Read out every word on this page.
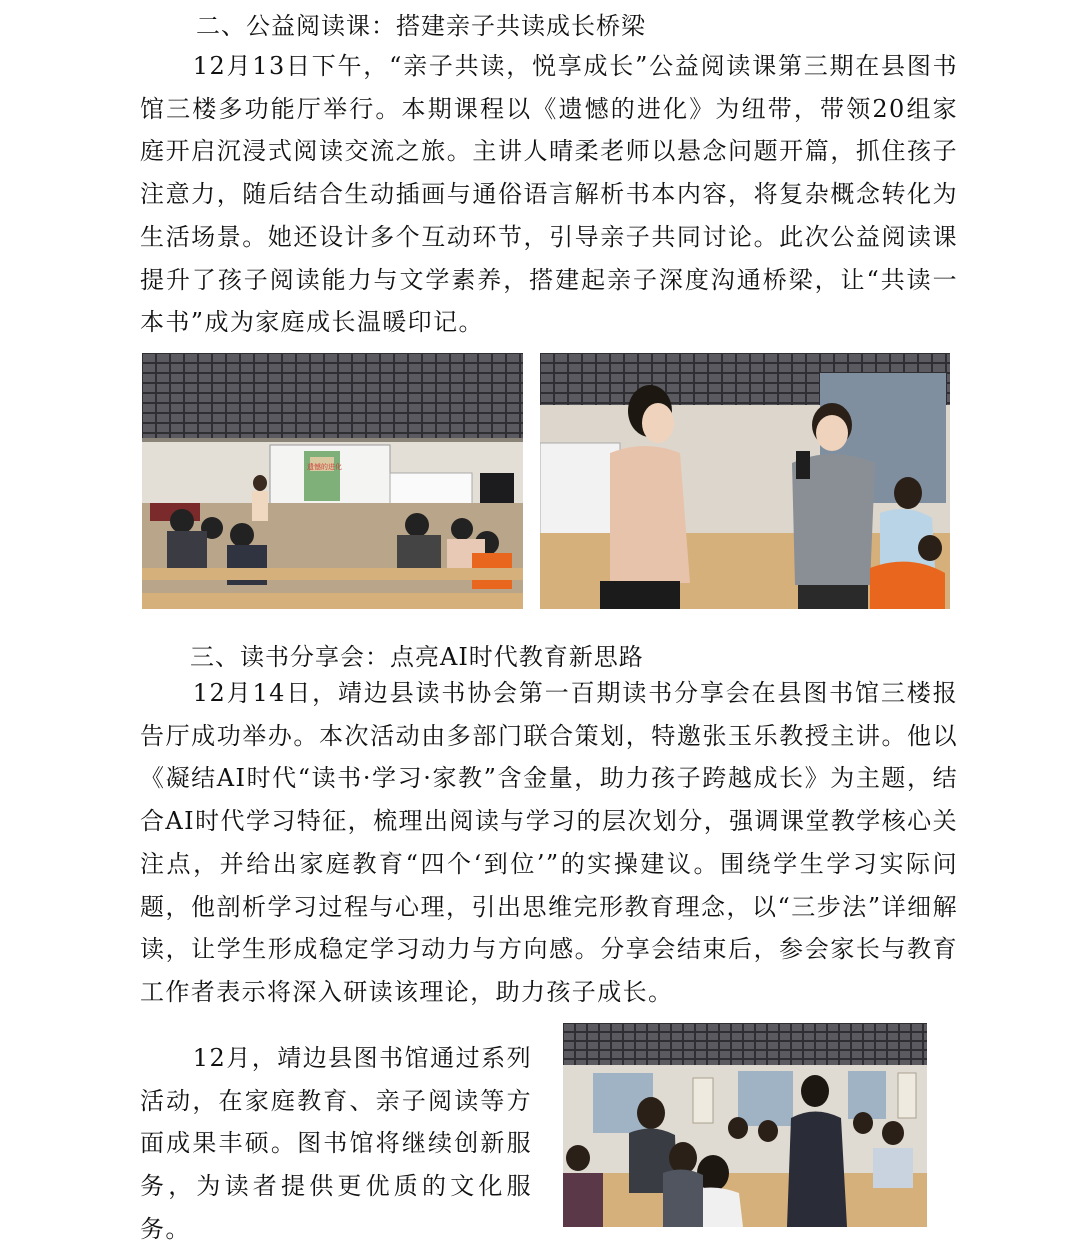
二、公益阅读课：搭建亲子共读成长桥梁

12月13日下午，“亲子共读，悦享成长”公益阅读课第三期在县图书馆三楼多功能厅举行。本期课程以《遗憾的进化》为纽带，带领20组家庭开启沉浸式阅读交流之旅。主讲人晴柔老师以悬念问题开篇，抓住孩子注意力，随后结合生动插画与通俗语言解析书本内容，将复杂概念转化为生活场景。她还设计多个互动环节，引导亲子共同讨论。此次公益阅读课提升了孩子阅读能力与文学素养，搭建起亲子深度沟通桥梁，让“共读一本书”成为家庭成长温暖印记。

遗憾的进化
三、读书分享会：点亮AI时代教育新思路

12月14日，靖边县读书协会第一百期读书分享会在县图书馆三楼报告厅成功举办。本次活动由多部门联合策划，特邀张玉乐教授主讲。他以《凝结AI时代“读书·学习·家教”含金量，助力孩子跨越成长》为主题，结合AI时代学习特征，梳理出阅读与学习的层次划分，强调课堂教学核心关注点，并给出家庭教育“四个‘到位’”的实操建议。围绕学生学习实际问题，他剖析学习过程与心理，引出思维完形教育理念，以“三步法”详细解读，让学生形成稳定学习动力与方向感。分享会结束后，参会家长与教育工作者表示将深入研读该理论，助力孩子成长。

12月，靖边县图书馆通过系列活动，在家庭教育、亲子阅读等方面成果丰硕。图书馆将继续创新服务，为读者提供更优质的文化服务。
